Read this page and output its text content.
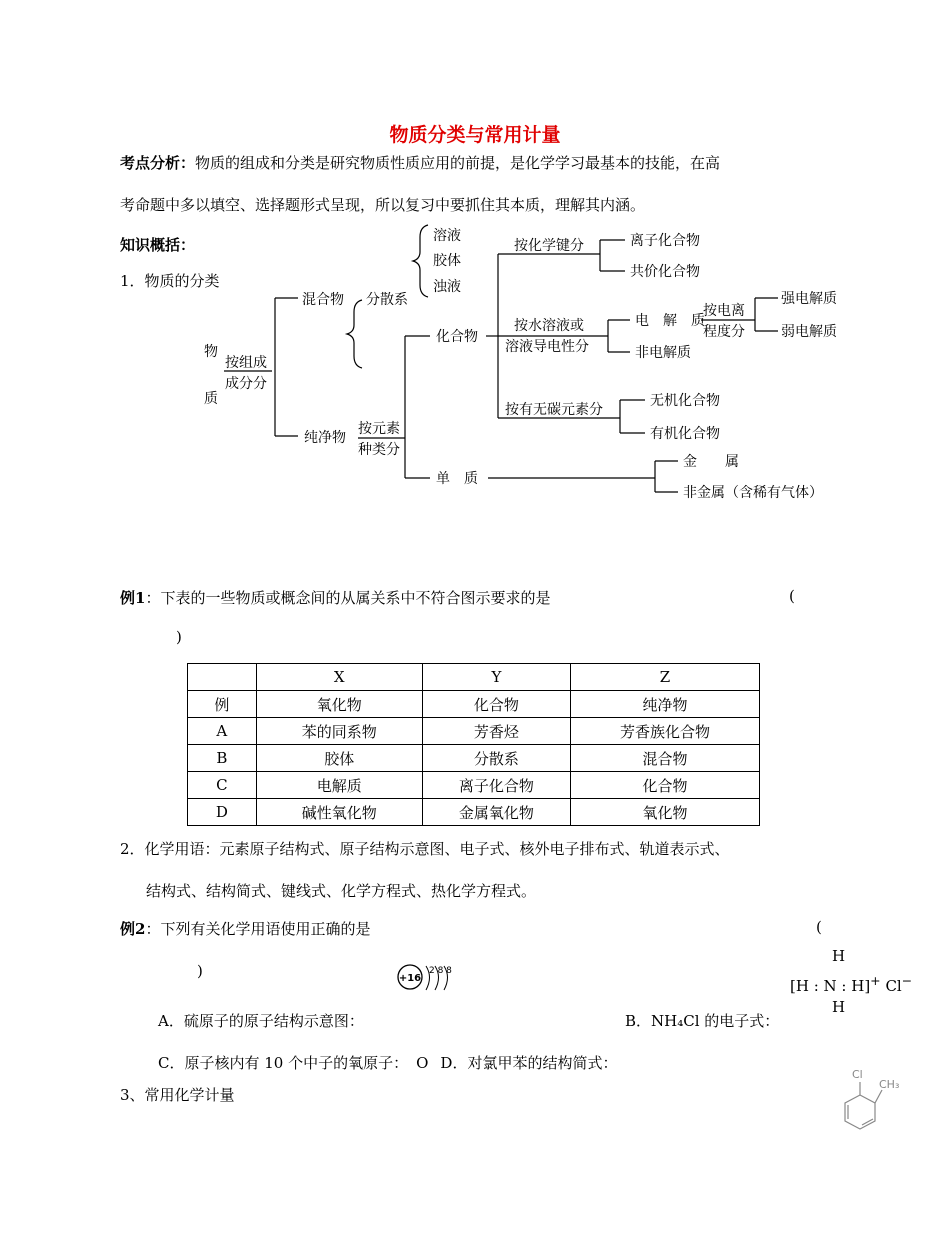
物质分类与常用计量
考点分析：物质的组成和分类是研究物质性质应用的前提，是化学学习最基本的技能，在高
考命题中多以填空、选择题形式呈现，所以复习中要抓住其本质，理解其内涵。
知识概括：
1．物质的分类
物
质
按组成
成分分
混合物 分散系
溶液
胶体
浊液
纯净物
按元素
种类分
化合物
单　质
按化学键分	离子化合物
共价化合物
按水溶液或
溶液导电性分
电　解　质
非电解质
按电离
程度分
强电解质
弱电解质
按有无碳元素分
无机化合物
有机化合物
金　　属
非金属（含稀有气体）
例1：下表的一些物质或概念间的从属关系中不符合图示要求的是	(
)
	X	Y	Z
例	氧化物	化合物	纯净物
A	苯的同系物	芳香烃	芳香族化合物
B	胶体	分散系	混合物
C	电解质	离子化合物	化合物
D	碱性氧化物	金属氧化物	氧化物
2．化学用语：元素原子结构式、原子结构示意图、电子式、核外电子排布式、轨道表示式、
结构式、结构简式、键线式、化学方程式、热化学方程式。
例2：下列有关化学用语使用正确的是	(
)	+16
2 8 8
H
[H : N : H]+ Cl−
H
A．硫原子的原子结构示意图：	B．NH₄Cl 的电子式：
C．原子核内有 10 个中子的氧原子： O D．对氯甲苯的结构简式：
Cl
CH₃
3、常用化学计量
